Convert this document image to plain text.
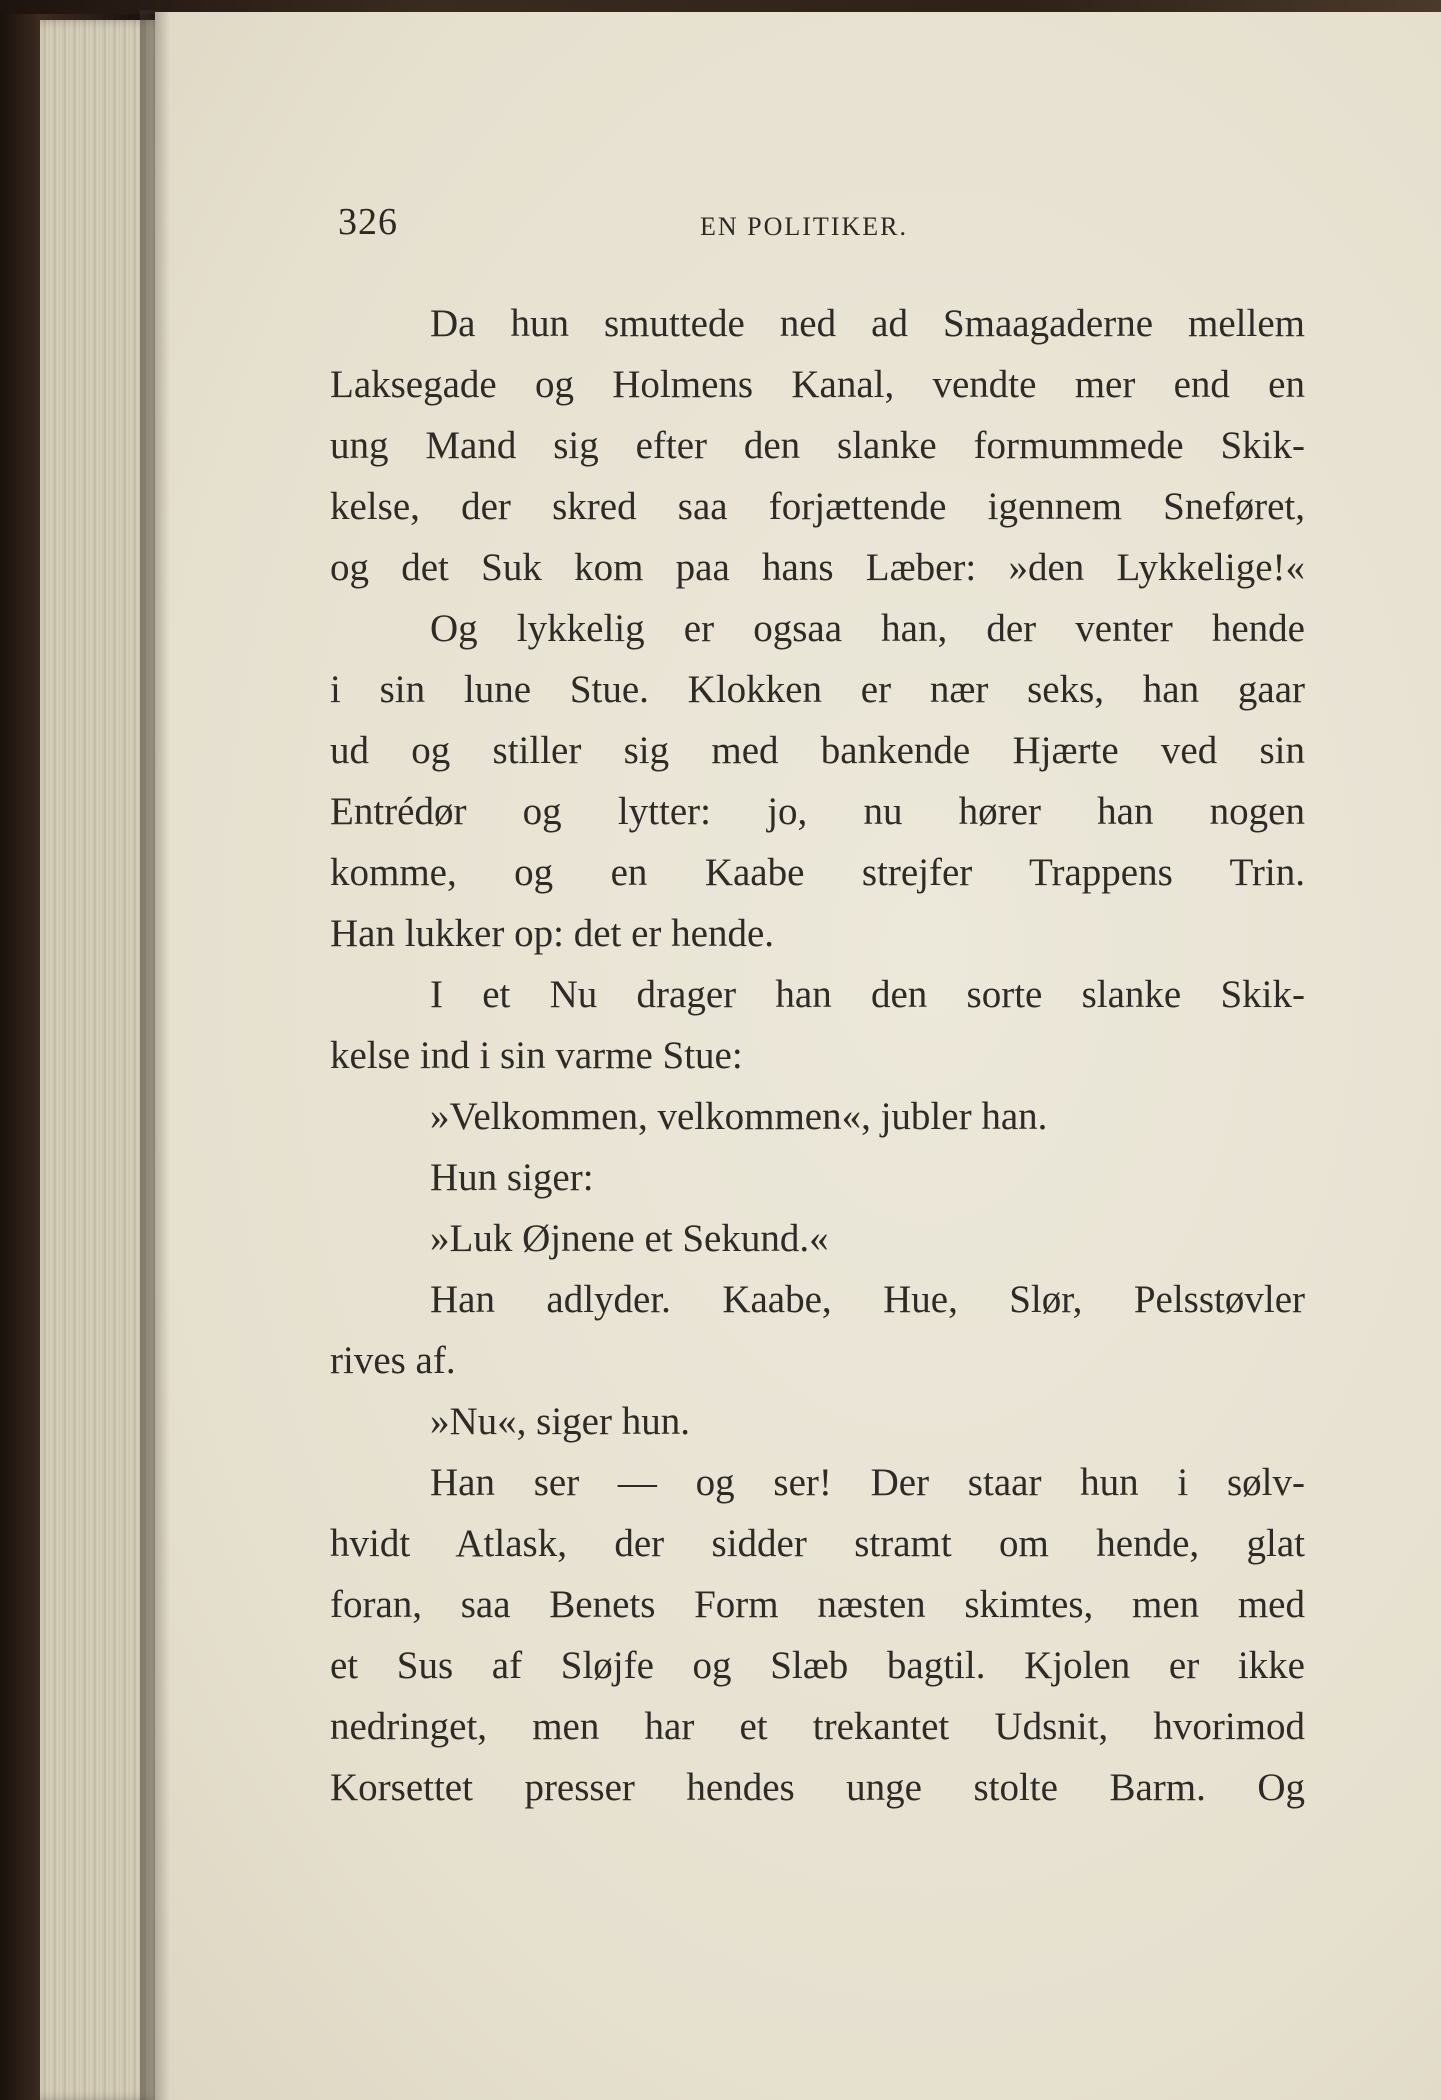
326	EN POLITIKER.
Da hun smuttede ned ad Smaagaderne mellem
Laksegade og Holmens Kanal, vendte mer end en
ung Mand sig efter den slanke formummede Skik-
kelse, der skred saa forjættende igennem Sneføret,
og det Suk kom paa hans Læber: »den Lykkelige!«
Og lykkelig er ogsaa han, der venter hende
i sin lune Stue. Klokken er nær seks, han gaar
ud og stiller sig med bankende Hjærte ved sin
Entrédør og lytter: jo, nu hører han nogen
komme, og en Kaabe strejfer Trappens Trin.
Han lukker op: det er hende.
I et Nu drager han den sorte slanke Skik-
kelse ind i sin varme Stue:
»Velkommen, velkommen«, jubler han.
Hun siger:
»Luk Øjnene et Sekund.«
Han adlyder. Kaabe, Hue, Slør, Pelsstøvler
rives af.
»Nu«, siger hun.
Han ser — og ser! Der staar hun i sølv-
hvidt Atlask, der sidder stramt om hende, glat
foran, saa Benets Form næsten skimtes, men med
et Sus af Sløjfe og Slæb bagtil. Kjolen er ikke
nedringet, men har et trekantet Udsnit, hvorimod
Korsettet presser hendes unge stolte Barm. Og
